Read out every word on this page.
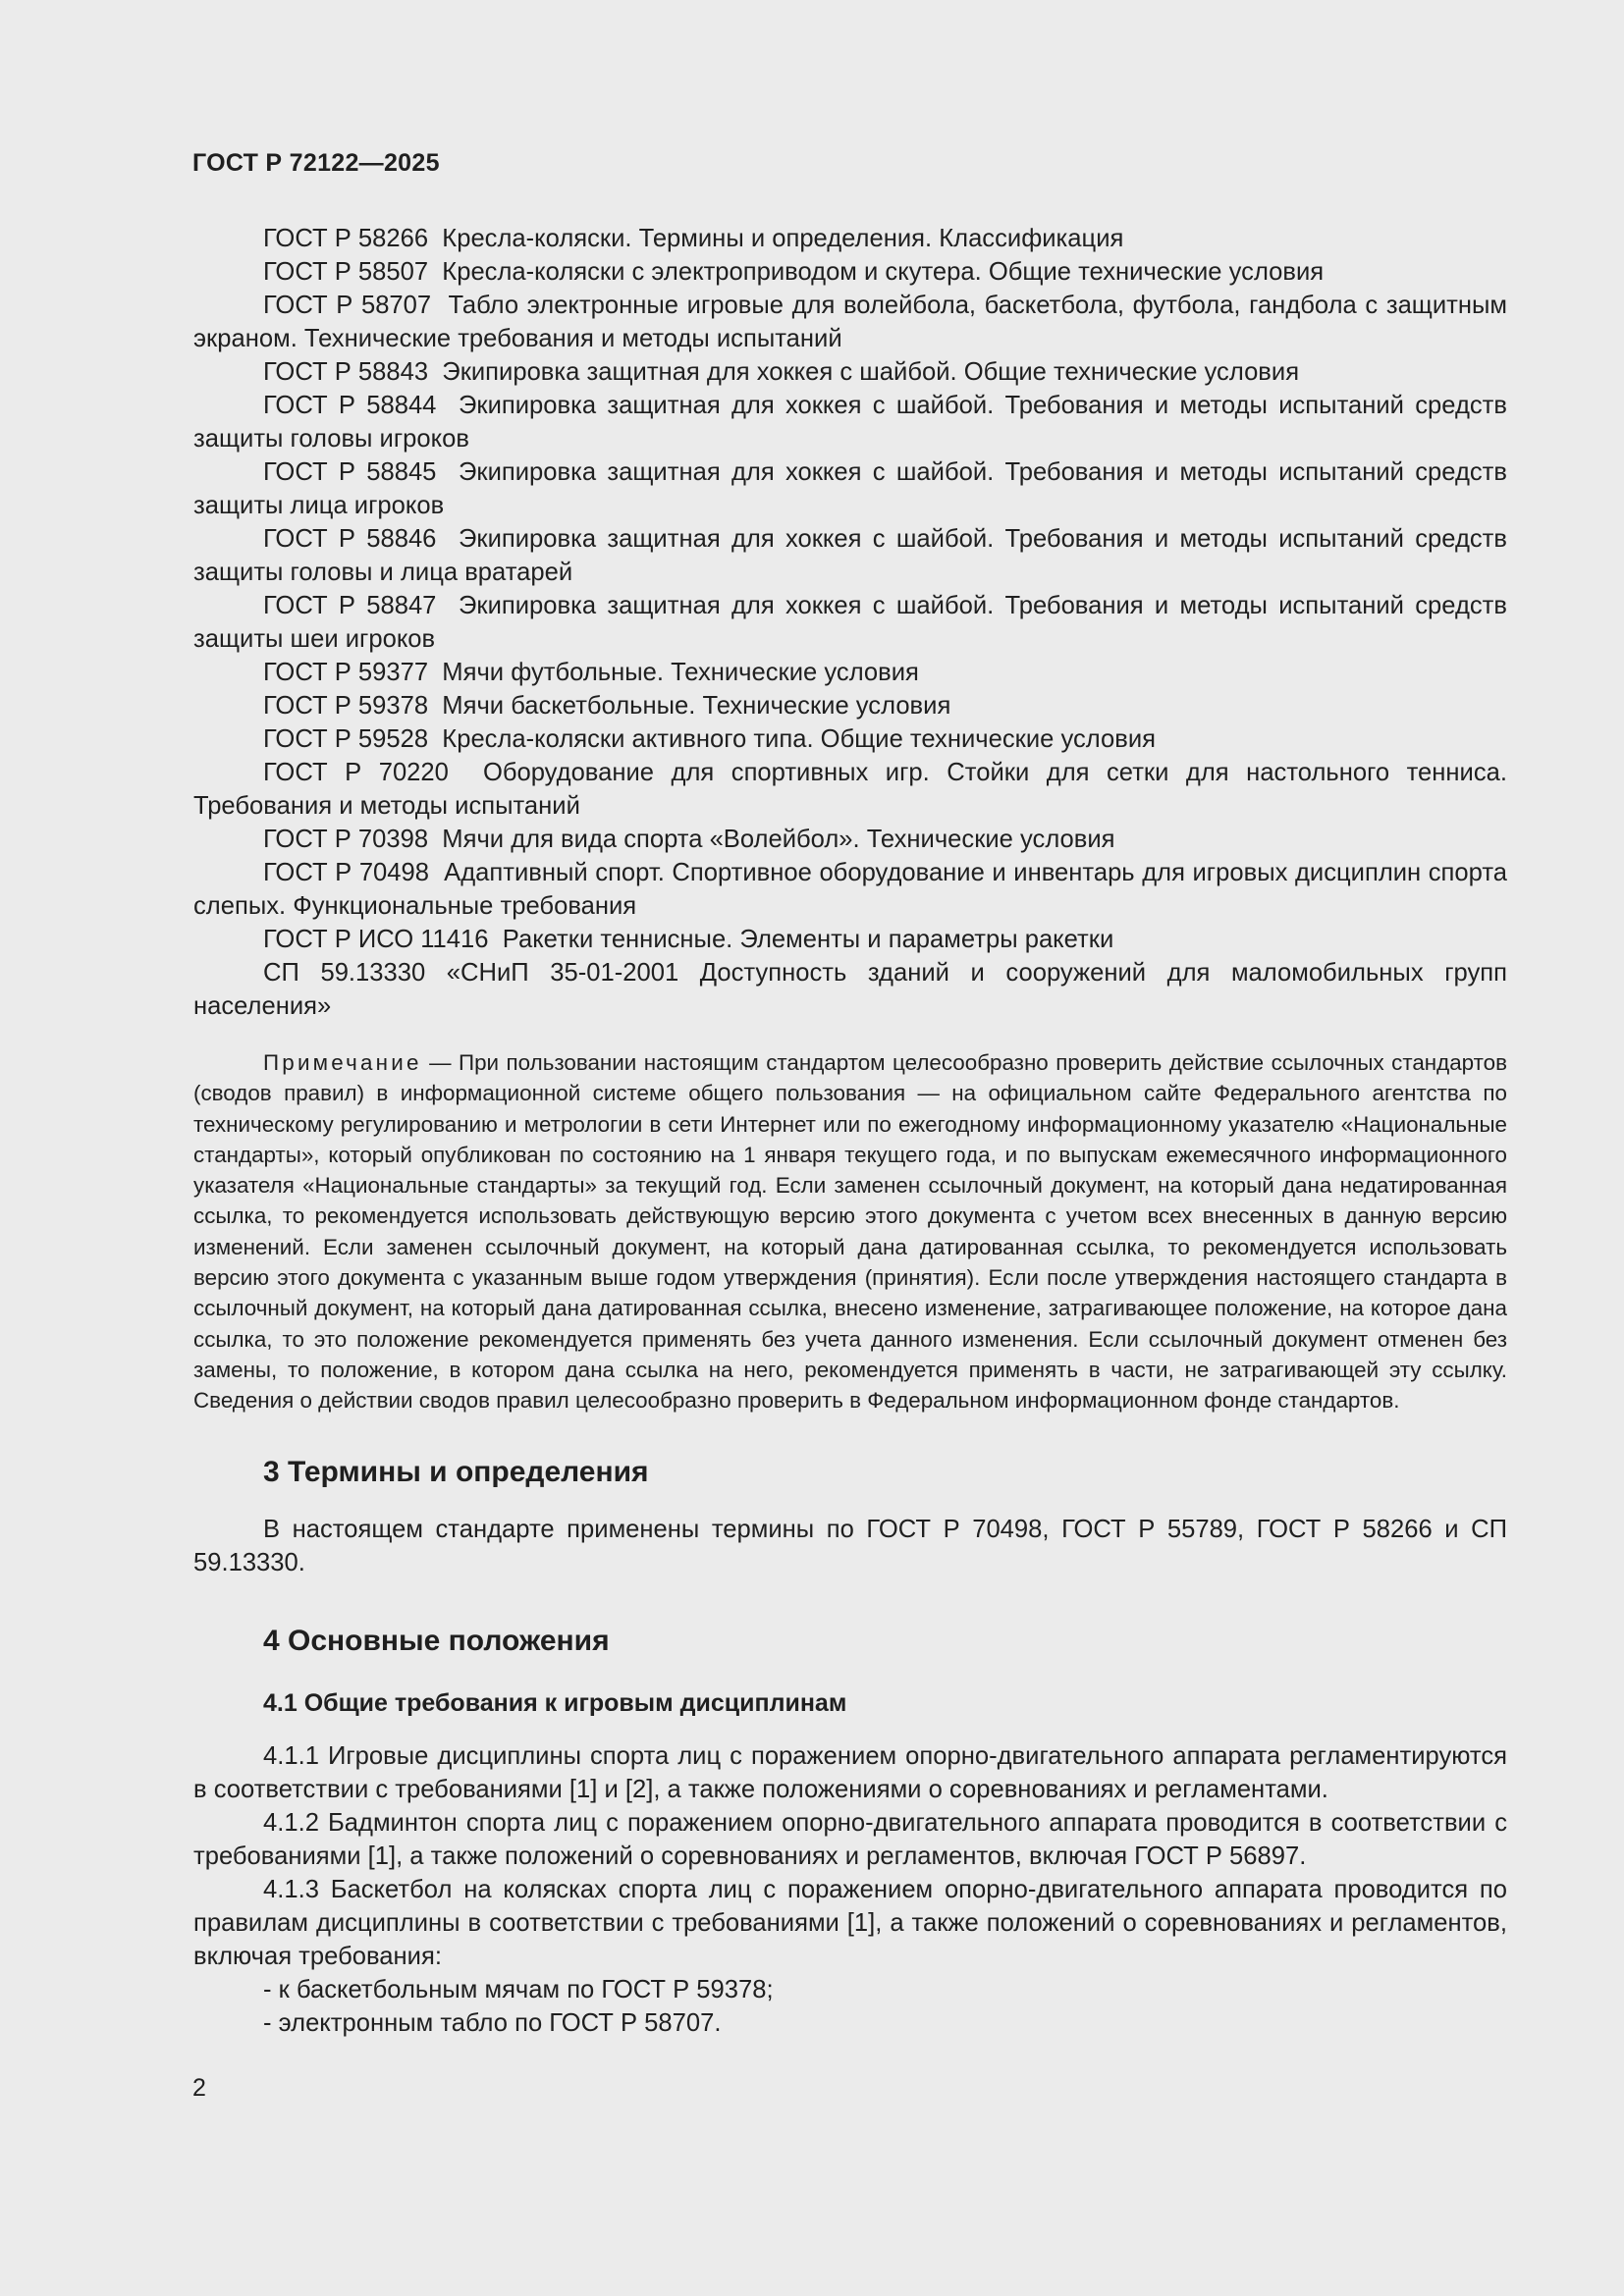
ГОСТ Р 72122—2025

ГОСТ Р 58266 Кресла-коляски. Термины и определения. Классификация

ГОСТ Р 58507 Кресла-коляски с электроприводом и скутера. Общие технические условия

ГОСТ Р 58707 Табло электронные игровые для волейбола, баскетбола, футбола, гандбола с защитным экраном. Технические требования и методы испытаний

ГОСТ Р 58843 Экипировка защитная для хоккея с шайбой. Общие технические условия

ГОСТ Р 58844 Экипировка защитная для хоккея с шайбой. Требования и методы испытаний средств защиты головы игроков

ГОСТ Р 58845 Экипировка защитная для хоккея с шайбой. Требования и методы испытаний средств защиты лица игроков

ГОСТ Р 58846 Экипировка защитная для хоккея с шайбой. Требования и методы испытаний средств защиты головы и лица вратарей

ГОСТ Р 58847 Экипировка защитная для хоккея с шайбой. Требования и методы испытаний средств защиты шеи игроков

ГОСТ Р 59377 Мячи футбольные. Технические условия

ГОСТ Р 59378 Мячи баскетбольные. Технические условия

ГОСТ Р 59528 Кресла-коляски активного типа. Общие технические условия

ГОСТ Р 70220 Оборудование для спортивных игр. Стойки для сетки для настольного тенниса. Требования и методы испытаний

ГОСТ Р 70398 Мячи для вида спорта «Волейбол». Технические условия

ГОСТ Р 70498 Адаптивный спорт. Спортивное оборудование и инвентарь для игровых дисциплин спорта слепых. Функциональные требования

ГОСТ Р ИСО 11416 Ракетки теннисные. Элементы и параметры ракетки

СП 59.13330 «СНиП 35-01-2001 Доступность зданий и сооружений для маломобильных групп населения»

Примечание — При пользовании настоящим стандартом целесообразно проверить действие ссылочных стандартов (сводов правил) в информационной системе общего пользования — на официальном сайте Федерального агентства по техническому регулированию и метрологии в сети Интернет или по ежегодному информационному указателю «Национальные стандарты», который опубликован по состоянию на 1 января текущего года, и по выпускам ежемесячного информационного указателя «Национальные стандарты» за текущий год. Если заменен ссылочный документ, на который дана недатированная ссылка, то рекомендуется использовать действующую версию этого документа с учетом всех внесенных в данную версию изменений. Если заменен ссылочный документ, на который дана датированная ссылка, то рекомендуется использовать версию этого документа с указанным выше годом утверждения (принятия). Если после утверждения настоящего стандарта в ссылочный документ, на который дана датированная ссылка, внесено изменение, затрагивающее положение, на которое дана ссылка, то это положение рекомендуется применять без учета данного изменения. Если ссылочный документ отменен без замены, то положение, в котором дана ссылка на него, рекомендуется применять в части, не затрагивающей эту ссылку. Сведения о действии сводов правил целесообразно проверить в Федеральном информационном фонде стандартов.
3 Термины и определения

В настоящем стандарте применены термины по ГОСТ Р 70498, ГОСТ Р 55789, ГОСТ Р 58266 и СП 59.13330.

4 Основные положения
4.1 Общие требования к игровым дисциплинам

4.1.1 Игровые дисциплины спорта лиц с поражением опорно-двигательного аппарата регламентируются в соответствии с требованиями [1] и [2], а также положениями о соревнованиях и регламентами.

4.1.2 Бадминтон спорта лиц с поражением опорно-двигательного аппарата проводится в соответствии с требованиями [1], а также положений о соревнованиях и регламентов, включая ГОСТ Р 56897.

4.1.3 Баскетбол на колясках спорта лиц с поражением опорно-двигательного аппарата проводится по правилам дисциплины в соответствии с требованиями [1], а также положений о соревнованиях и регламентов, включая требования:

- к баскетбольным мячам по ГОСТ Р 59378;

- электронным табло по ГОСТ Р 58707.

2
